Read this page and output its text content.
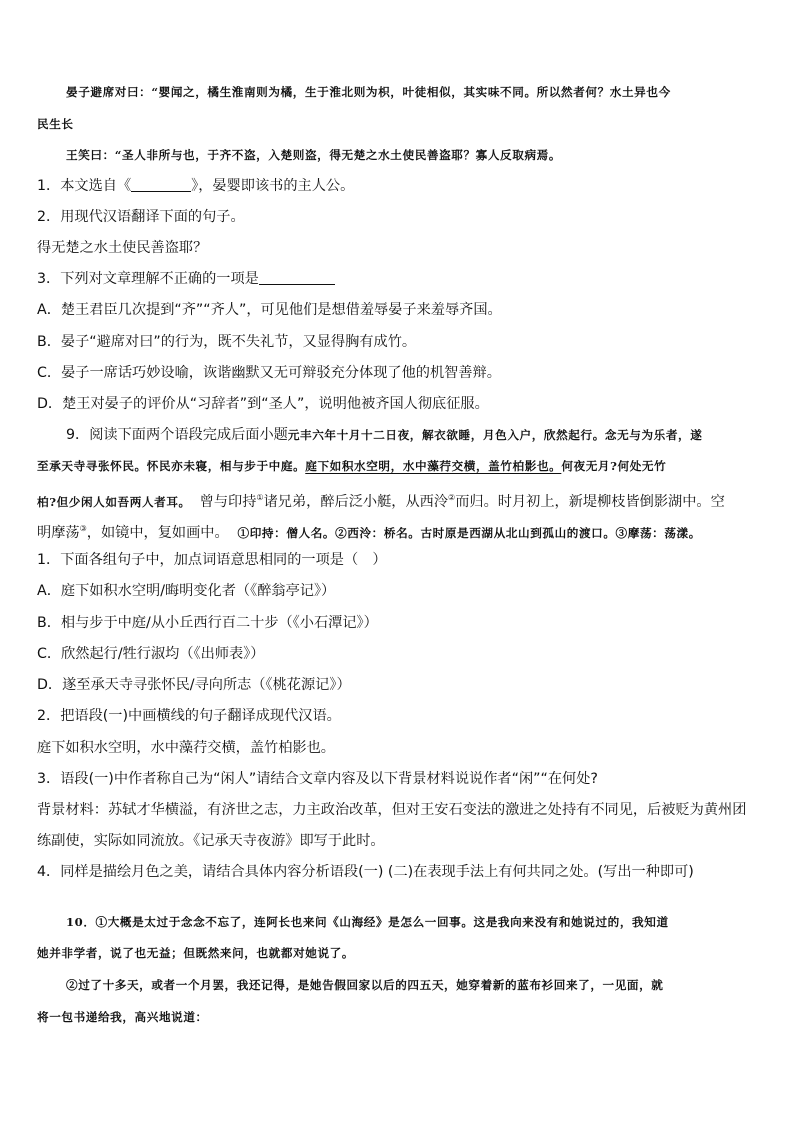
晏子避席对曰：“婴闻之，橘生淮南则为橘，生于淮北则为枳，叶徒相似，其实味不同。所以然者何？水土异也今
民生长
王笑曰：“圣人非所与也，于齐不盗，入楚则盗，得无楚之水土使民善盗耶？寡人反取病焉。
1．本文选自《	》，晏婴即该书的主人公。
2．用现代汉语翻译下面的句子。
得无楚之水土使民善盗耶？
3．下列对文章理解不正确的一项是
A．楚王君臣几次提到“齐”“齐人”，可见他们是想借羞辱晏子来羞辱齐国。
B．晏子“避席对曰”的行为，既不失礼节，又显得胸有成竹。
C．晏子一席话巧妙设喻，诙谐幽默又无可辩驳充分体现了他的机智善辩。
D．楚王对晏子的评价从“习辞者”到“圣人”，说明他被齐国人彻底征服。
9．阅读下面两个语段完成后面小题元丰六年十月十二日夜，解衣欲睡，月色入户，欣然起行。念无与为乐者，遂
至承天寺寻张怀民。怀民亦未寝，相与步于中庭。庭下如积水空明，水中藻荇交横，盖竹柏影也。何夜无月?何处无竹
柏?但少闲人如吾两人者耳。 曾与印持①诸兄弟，醉后泛小艇，从西泠②而归。时月初上，新堤柳枝皆倒影湖中。空
明摩荡③，如镜中，复如画中。 ①印持：僧人名。②西泠：桥名。古时原是西湖从北山到孤山的渡口。③摩荡：荡漾。
1．下面各组句子中，加点词语意思相同的一项是（　）
A．庭下如积水空明/晦明变化者（《醉翁亭记》）
B．相与步于中庭/从小丘西行百二十步（《小石潭记》）
C．欣然起行/牲行淑均（《出师表》）
D．遂至承天寺寻张怀民/寻向所志（《桃花源记》）
2．把语段(一)中画横线的句子翻译成现代汉语。
庭下如积水空明，水中藻荇交横，盖竹柏影也。
3．语段(一)中作者称自己为“闲人”请结合文章内容及以下背景材料说说作者“闲”“在何处?
背景材料：苏轼才华横溢，有济世之志，力主政治改革，但对王安石变法的激进之处持有不同见，后被贬为黄州团
练副使，实际如同流放。《记承天寺夜游》即写于此时。
4．同样是描绘月色之美，请结合具体内容分析语段(一) (二)在表现手法上有何共同之处。(写出一种即可)
10．①大概是太过于念念不忘了，连阿长也来问《山海经》是怎么一回事。这是我向来没有和她说过的，我知道
她并非学者，说了也无益；但既然来问，也就都对她说了。
②过了十多天，或者一个月罢，我还记得，是她告假回家以后的四五天，她穿着新的蓝布衫回来了，一见面，就
将一包书递给我，高兴地说道：
